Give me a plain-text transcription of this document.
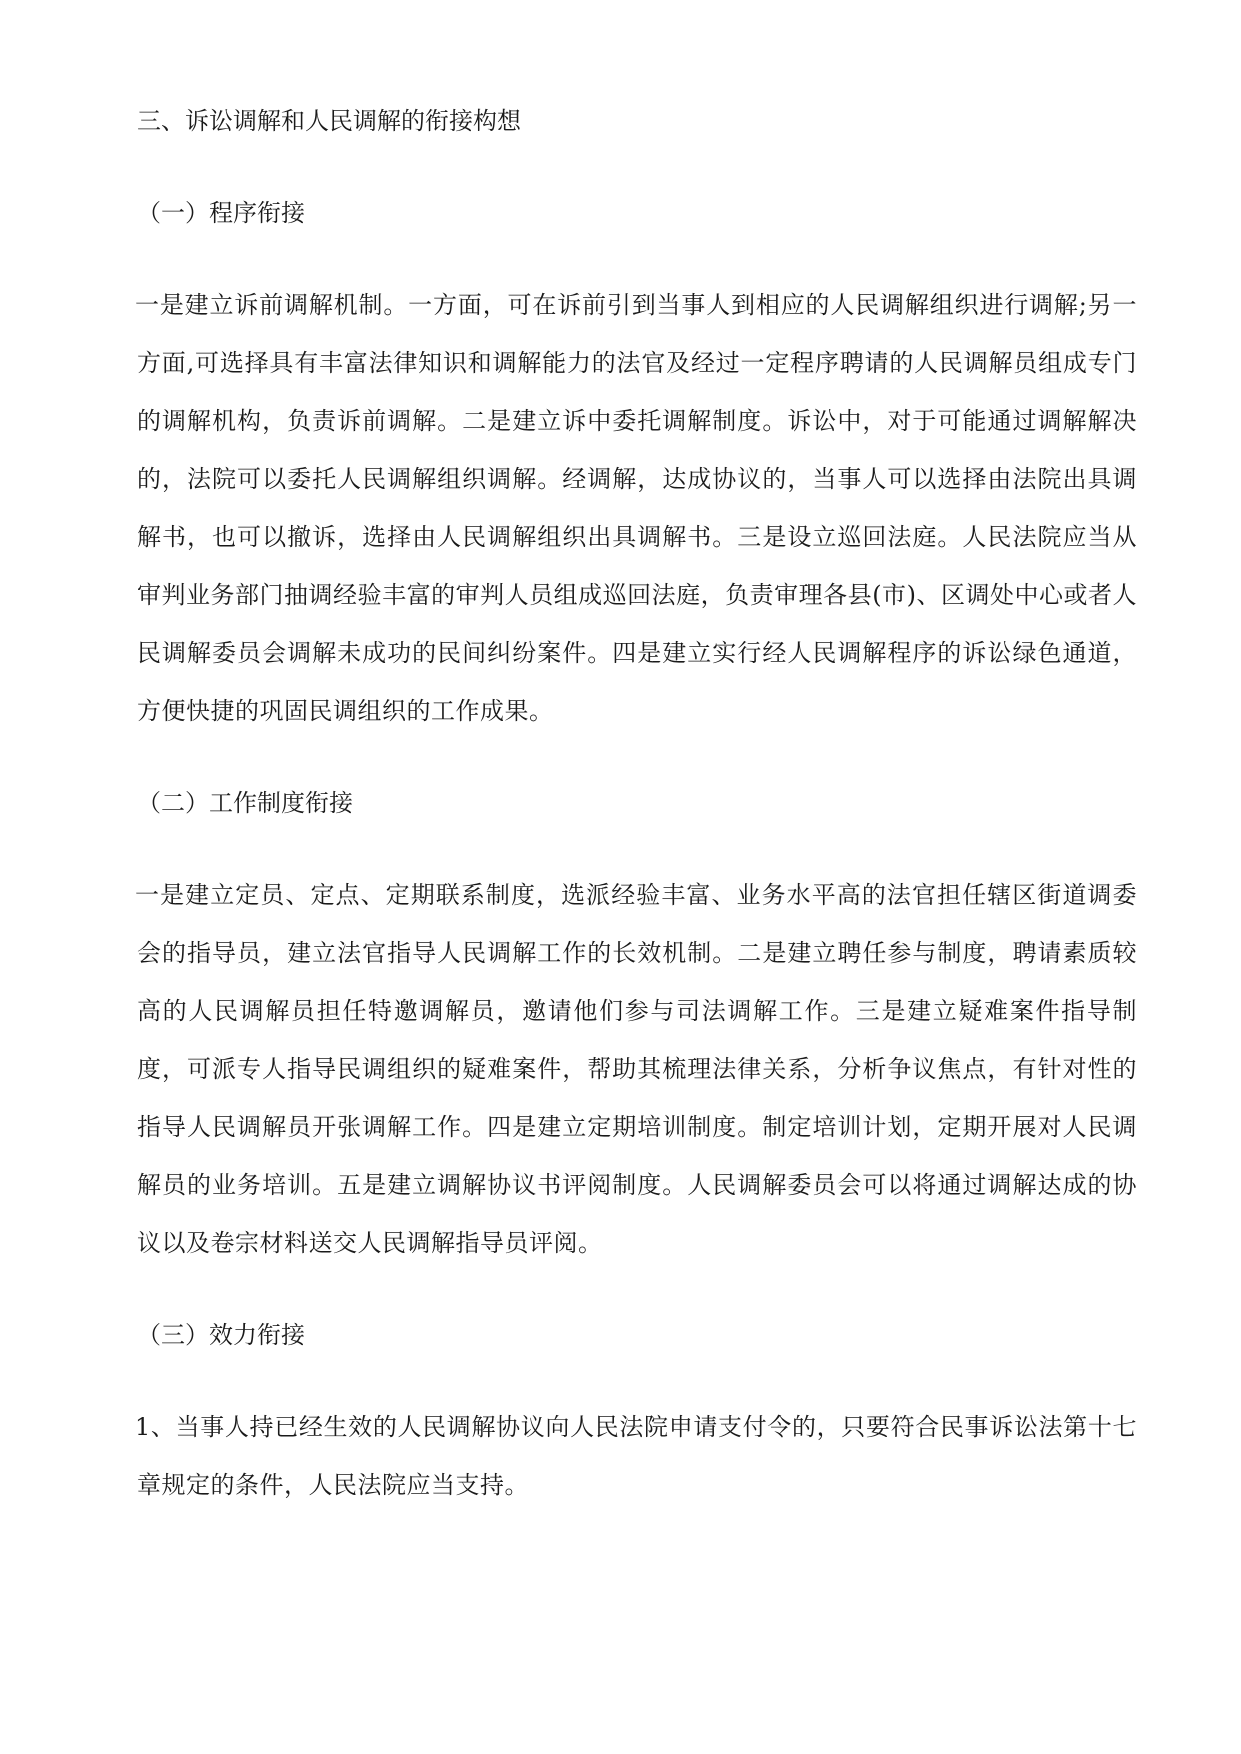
三、诉讼调解和人民调解的衔接构想

（一）程序衔接

一是建立诉前调解机制。一方面，可在诉前引到当事人到相应的人民调解组织进行调解;另一方面,可选择具有丰富法律知识和调解能力的法官及经过一定程序聘请的人民调解员组成专门的调解机构，负责诉前调解。二是建立诉中委托调解制度。诉讼中，对于可能通过调解解决的，法院可以委托人民调解组织调解。经调解，达成协议的，当事人可以选择由法院出具调解书，也可以撤诉，选择由人民调解组织出具调解书。三是设立巡回法庭。人民法院应当从审判业务部门抽调经验丰富的审判人员组成巡回法庭，负责审理各县(市)、区调处中心或者人民调解委员会调解未成功的民间纠纷案件。四是建立实行经人民调解程序的诉讼绿色通道，方便快捷的巩固民调组织的工作成果。

（二）工作制度衔接

一是建立定员、定点、定期联系制度，选派经验丰富、业务水平高的法官担任辖区街道调委会的指导员，建立法官指导人民调解工作的长效机制。二是建立聘任参与制度，聘请素质较高的人民调解员担任特邀调解员，邀请他们参与司法调解工作。三是建立疑难案件指导制度，可派专人指导民调组织的疑难案件，帮助其梳理法律关系，分析争议焦点，有针对性的指导人民调解员开张调解工作。四是建立定期培训制度。制定培训计划，定期开展对人民调解员的业务培训。五是建立调解协议书评阅制度。人民调解委员会可以将通过调解达成的协议以及卷宗材料送交人民调解指导员评阅。

（三）效力衔接

1、当事人持已经生效的人民调解协议向人民法院申请支付令的，只要符合民事诉讼法第十七章规定的条件，人民法院应当支持。
